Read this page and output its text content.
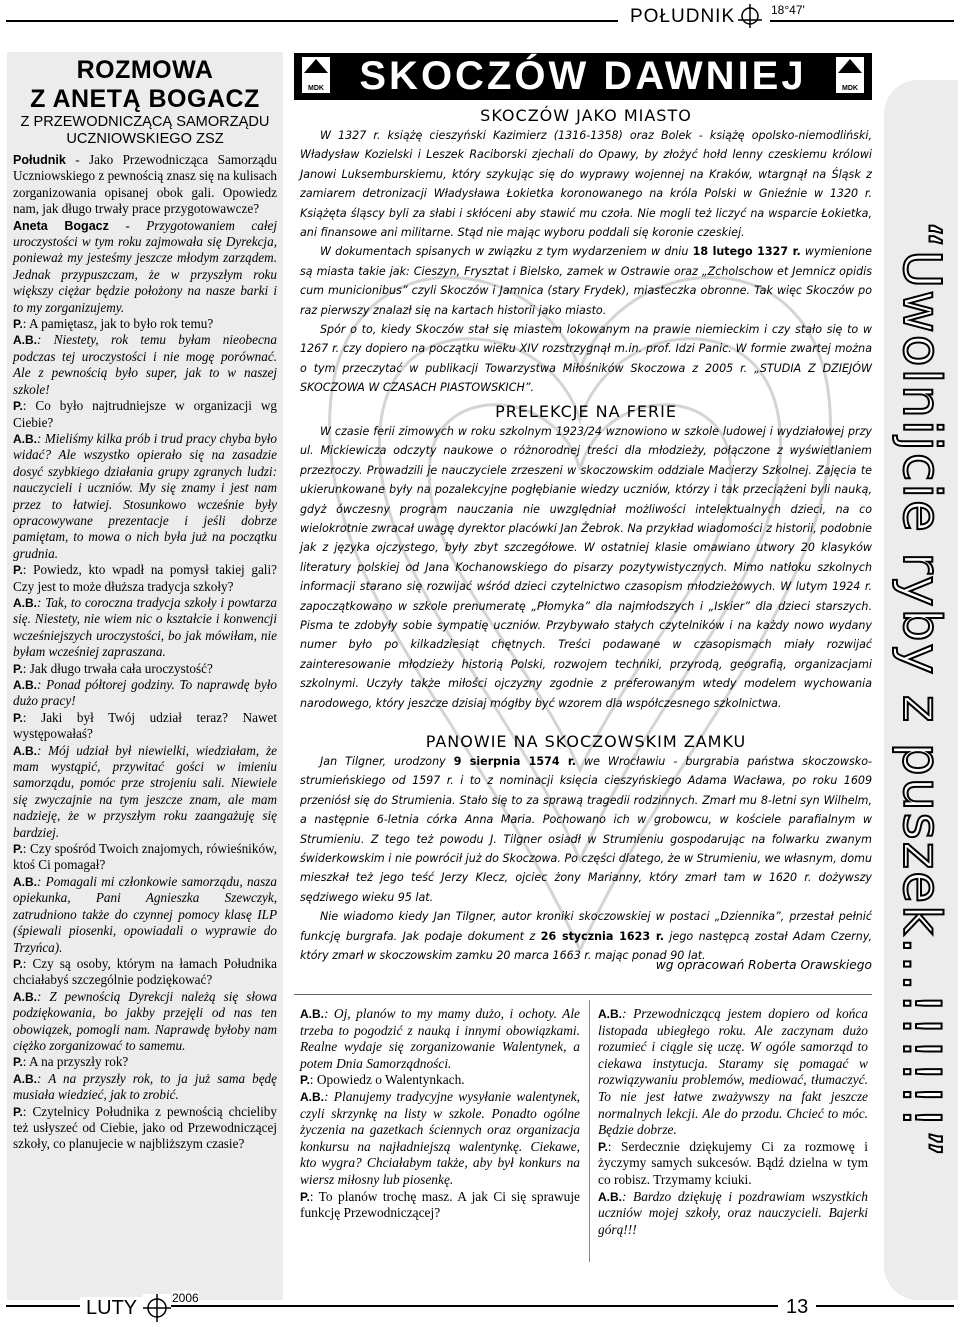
POŁUDNIK	18°47'
ROZMOWA
Z ANETĄ BOGACZ
Z PRZEWODNICZĄCĄ SAMORZĄDU
UCZNIOWSKIEGO ZSZ

Południk - Jako Przewodnicząca Samorządu Uczniowskiego z pewnością znasz się na kulisach zorganizowania opisanej obok gali. Opowiedz nam, jak długo trwały prace przygotowawcze?

Aneta Bogacz - Przygotowaniem całej uroczystości w tym roku zajmowała się Dyrekcja, ponieważ my jesteśmy jeszcze młodym zarządem. Jednak przypuszczam, że w przyszłym roku większy ciężar będzie położony na nasze barki i to my zorganizujemy.

P.: A pamiętasz, jak to było rok temu?

A.B.: Niestety, rok temu byłam nieobecna podczas tej uroczystości i nie mogę porównać. Ale z pewnością było super, jak to w naszej szkole!

P.: Co było najtrudniejsze w organizacji wg Ciebie?

A.B.: Mieliśmy kilka prób i trud pracy chyba było widać? Ale wszystko opierało się na zasadzie dosyć szybkiego działania grupy zgranych ludzi: nauczycieli i uczniów. My się znamy i jest nam przez to łatwiej. Stosunkowo wcześnie były opracowywane prezentacje i jeśli dobrze pamiętam, to mowa o nich była już na początku grudnia.

P.: Powiedz, kto wpadł na pomysł takiej gali? Czy jest to może dłuższa tradycja szkoły?

A.B.: Tak, to coroczna tradycja szkoły i powtarza się. Niestety, nie wiem nic o kształcie i konwencji wcześniejszych uroczystości, bo jak mówiłam, nie byłam wcześniej zapraszana.

P.: Jak długo trwała cała uroczystość?

A.B.: Ponad półtorej godziny. To naprawdę było dużo pracy!

P.: Jaki był Twój udział teraz? Nawet występowałaś?

A.B.: Mój udział był niewielki, wiedziałam, że mam wystąpić, przywitać gości w imieniu samorządu, pomóc prze strojeniu sali. Niewiele się zwyczajnie na tym jeszcze znam, ale mam nadzieję, że w przyszłym roku zaangażuję się bardziej.

P.: Czy spośród Twoich znajomych, rówieśników, ktoś Ci pomagał?

A.B.: Pomagali mi członkowie samorządu, nasza opiekunka, Pani Agnieszka Szewczyk, zatrudniono także do czynnej pomocy klasę ILP (śpiewali piosenki, opowiadali o wyprawie do Trzyńca).

P.: Czy są osoby, którym na łamach Południka chciałabyś szczególnie podziękować?

A.B.: Z pewnością Dyrekcji należą się słowa podziękowania, bo jakby przejęli od nas ten obowiązek, pomogli nam. Naprawdę byłoby nam ciężko zorganizować to samemu.

P.: A na przyszły rok?

A.B.: A na przyszły rok, to ja już sama będę musiała wiedzieć, jak to zrobić.

P.: Czytelnicy Południka z pewnością chcieliby też usłyszeć od Ciebie, jako od Przewodniczącej szkoły, co planujecie w najbliższym czasie?

MDK SKOCZÓW DAWNIEJ	MDK
SKOCZÓW JAKO MIASTO

W 1327 r. książę cieszyński Kazimierz (1316-1358) oraz Bolek - książę opolsko-niemodliński, Władysław Kozielski i Leszek Raciborski zjechali do Opawy, by złożyć hołd lenny czeskiemu królowi Janowi Luksemburskiemu, który szykując się do wyprawy wojennej na Kraków, wtargnął na Śląsk z zamiarem detronizacji Władysława Łokietka koronowanego na króla Polski w Gnieźnie w 1320 r. Książęta śląscy byli za słabi i skłóceni aby stawić mu czoła. Nie mogli też liczyć na wsparcie Łokietka, ani finansowe ani militarne. Stąd nie mając wyboru poddali się koronie czeskiej.

W dokumentach spisanych w związku z tym wydarzeniem w dniu 18 lutego 1327 r. wymienione są miasta takie jak: Cieszyn, Frysztat i Bielsko, zamek w Ostrawie oraz „Zcholschow et Jemnicz opidis cum municionibus” czyli Skoczów i Jamnica (stary Frydek), miasteczka obronne. Tak więc Skoczów po raz pierwszy znalazł się na kartach historii jako miasto.

Spór o to, kiedy Skoczów stał się miastem lokowanym na prawie niemieckim i czy stało się to w 1267 r. czy dopiero na początku wieku XIV rozstrzygnął m.in. prof. Idzi Panic. W formie zwartej można o tym przeczytać w publikacji Towarzystwa Miłośników Skoczowa z 2005 r. „STUDIA Z DZIEJÓW SKOCZOWA W CZASACH PIASTOWSKICH”.

PRELEKCJE NA FERIE

W czasie ferii zimowych w roku szkolnym 1923/24 wznowiono w szkole ludowej i wydziałowej przy ul. Mickiewicza odczyty naukowe o różnorodnej treści dla młodzieży, połączone z wyświetlaniem przezroczy. Prowadzili je nauczyciele zrzeszeni w skoczowskim oddziale Macierzy Szkolnej. Zajęcia te ukierunkowane były na pozalekcyjne pogłębianie wiedzy uczniów, którzy i tak przeciążeni byli nauką, gdyż ówczesny program nauczania nie uwzględniał możliwości intelektualnych dzieci, na co wielokrotnie zwracał uwagę dyrektor placówki Jan Żebrok. Na przykład wiadomości z historii, podobnie jak z języka ojczystego, były zbyt szczegółowe. W ostatniej klasie omawiano utwory 20 klasyków literatury polskiej od Jana Kochanowskiego do pisarzy pozytywistycznych. Mimo natłoku szkolnych informacji starano się rozwijać wśród dzieci czytelnictwo czasopism młodzieżowych. W lutym 1924 r. zapoczątkowano w szkole prenumeratę „Płomyka” dla najmłodszych i „Iskier” dla dzieci starszych. Pisma te zdobyły sobie sympatię uczniów. Przybywało stałych czytelników i na każdy nowo wydany numer było po kilkadziesiąt chętnych. Treści podawane w czasopismach miały rozwijać zainteresowanie młodzieży historią Polski, rozwojem techniki, przyrodą, geografią, organizacjami szkolnymi. Uczyły także miłości ojczyzny zgodnie z preferowanym wtedy modelem wychowania narodowego, który jeszcze dzisiaj mógłby być wzorem dla współczesnego szkolnictwa.

PANOWIE NA SKOCZOWSKIM ZAMKU

Jan Tilgner, urodzony 9 sierpnia 1574 r. we Wrocławiu - burgrabia państwa skoczowsko-strumieńskiego od 1597 r. i to z nominacji księcia cieszyńskiego Adama Wacława, po roku 1609 przeniósł się do Strumienia. Stało się to za sprawą tragedii rodzinnych. Zmarł mu 8-letni syn Wilhelm, a następnie 6-letnia córka Anna Maria. Pochowano ich w grobowcu, w kościele parafialnym w Strumieniu. Z tego też powodu J. Tilgner osiadł w Strumieniu gospodarując na folwarku zwanym świderkowskim i nie powrócił już do Skoczowa. Po części dlatego, że w Strumieniu, we własnym, domu mieszkał też jego teść Jerzy Klecz, ojciec żony Marianny, który zmarł tam w 1620 r. dożywszy sędziwego wieku 95 lat.

Nie wiadomo kiedy Jan Tilgner, autor kroniki skoczowskiej w postaci „Dziennika”, przestał pełnić funkcję burgrafa. Jak podaje dokument z 26 stycznia 1623 r. jego następcą został Adam Czerny, który zmarł w skoczowskim zamku 20 marca 1663 r. mając ponad 90 lat.

wg opracowań Roberta Orawskiego

A.B.: Oj, planów to my mamy dużo, i ochoty. Ale trzeba to pogodzić z nauką i innymi obowiązkami. Realne wydaje się zorganizowanie Walentynek, a potem Dnia Samorządności.

P.: Opowiedz o Walentynkach.

A.B.: Planujemy tradycyjne wysyłanie walentynek, czyli skrzynkę na listy w szkole. Ponadto ogólne życzenia na gazetkach ściennych oraz organizacja konkursu na najładniejszą walentynkę. Ciekawe, kto wygra? Chciałabym także, aby był konkurs na wiersz miłosny lub piosenkę.

P.: To planów trochę masz. A jak Ci się sprawuje funkcję Przewodniczącej?

A.B.: Przewodniczącą jestem dopiero od końca listopada ubiegłego roku. Ale zaczynam dużo rozumieć i ciągle się uczę. W ogóle samorząd to ciekawa instytucja. Staramy się pomagać w rozwiązywaniu problemów, mediować, tłumaczyć. To nie jest łatwe zważywszy na fakt jeszcze normalnych lekcji. Ale do przodu. Chcieć to móc. Będzie dobrze.

P.: Serdecznie dziękujemy Ci za rozmowę i życzymy samych sukcesów. Bądź dzielna w tym co robisz. Trzymamy kciuki.

A.B.: Bardzo dziękuję i pozdrawiam wszystkich uczniów mojej szkoły, oraz nauczycieli. Bajerki górą!!!

“Uwolnijcie ryby z puszek...!!!!!!”
LUTY	2006	13
